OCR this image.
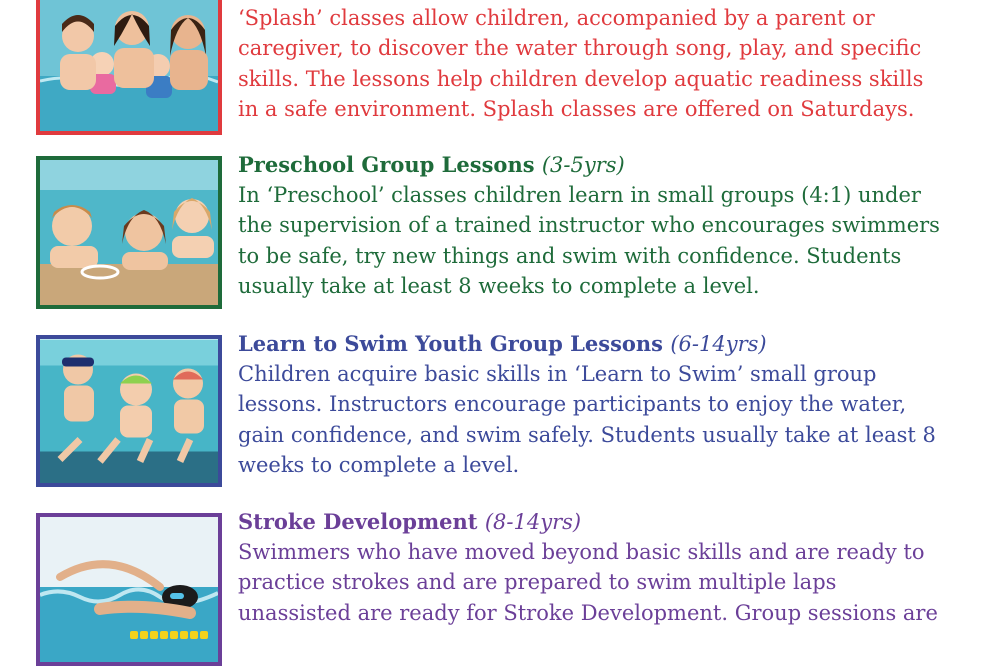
‘Splash’ classes allow children, accompanied by a parent or
caregiver, to discover the water through song, play, and specific
skills. The lessons help children develop aquatic readiness skills
in a safe environment. Splash classes are offered on Saturdays.
Preschool Group Lessons (3-5yrs)
In ‘Preschool’ classes children learn in small groups (4:1) under
the supervision of a trained instructor who encourages swimmers
to be safe, try new things and swim with confidence. Students
usually take at least 8 weeks to complete a level.
Learn to Swim Youth Group Lessons (6-14yrs)
Children acquire basic skills in ‘Learn to Swim’ small group
lessons. Instructors encourage participants to enjoy the water,
gain confidence, and swim safely. Students usually take at least 8
weeks to complete a level.
Stroke Development (8-14yrs)
Swimmers who have moved beyond basic skills and are ready to
practice strokes and are prepared to swim multiple laps
unassisted are ready for Stroke Development. Group sessions are
